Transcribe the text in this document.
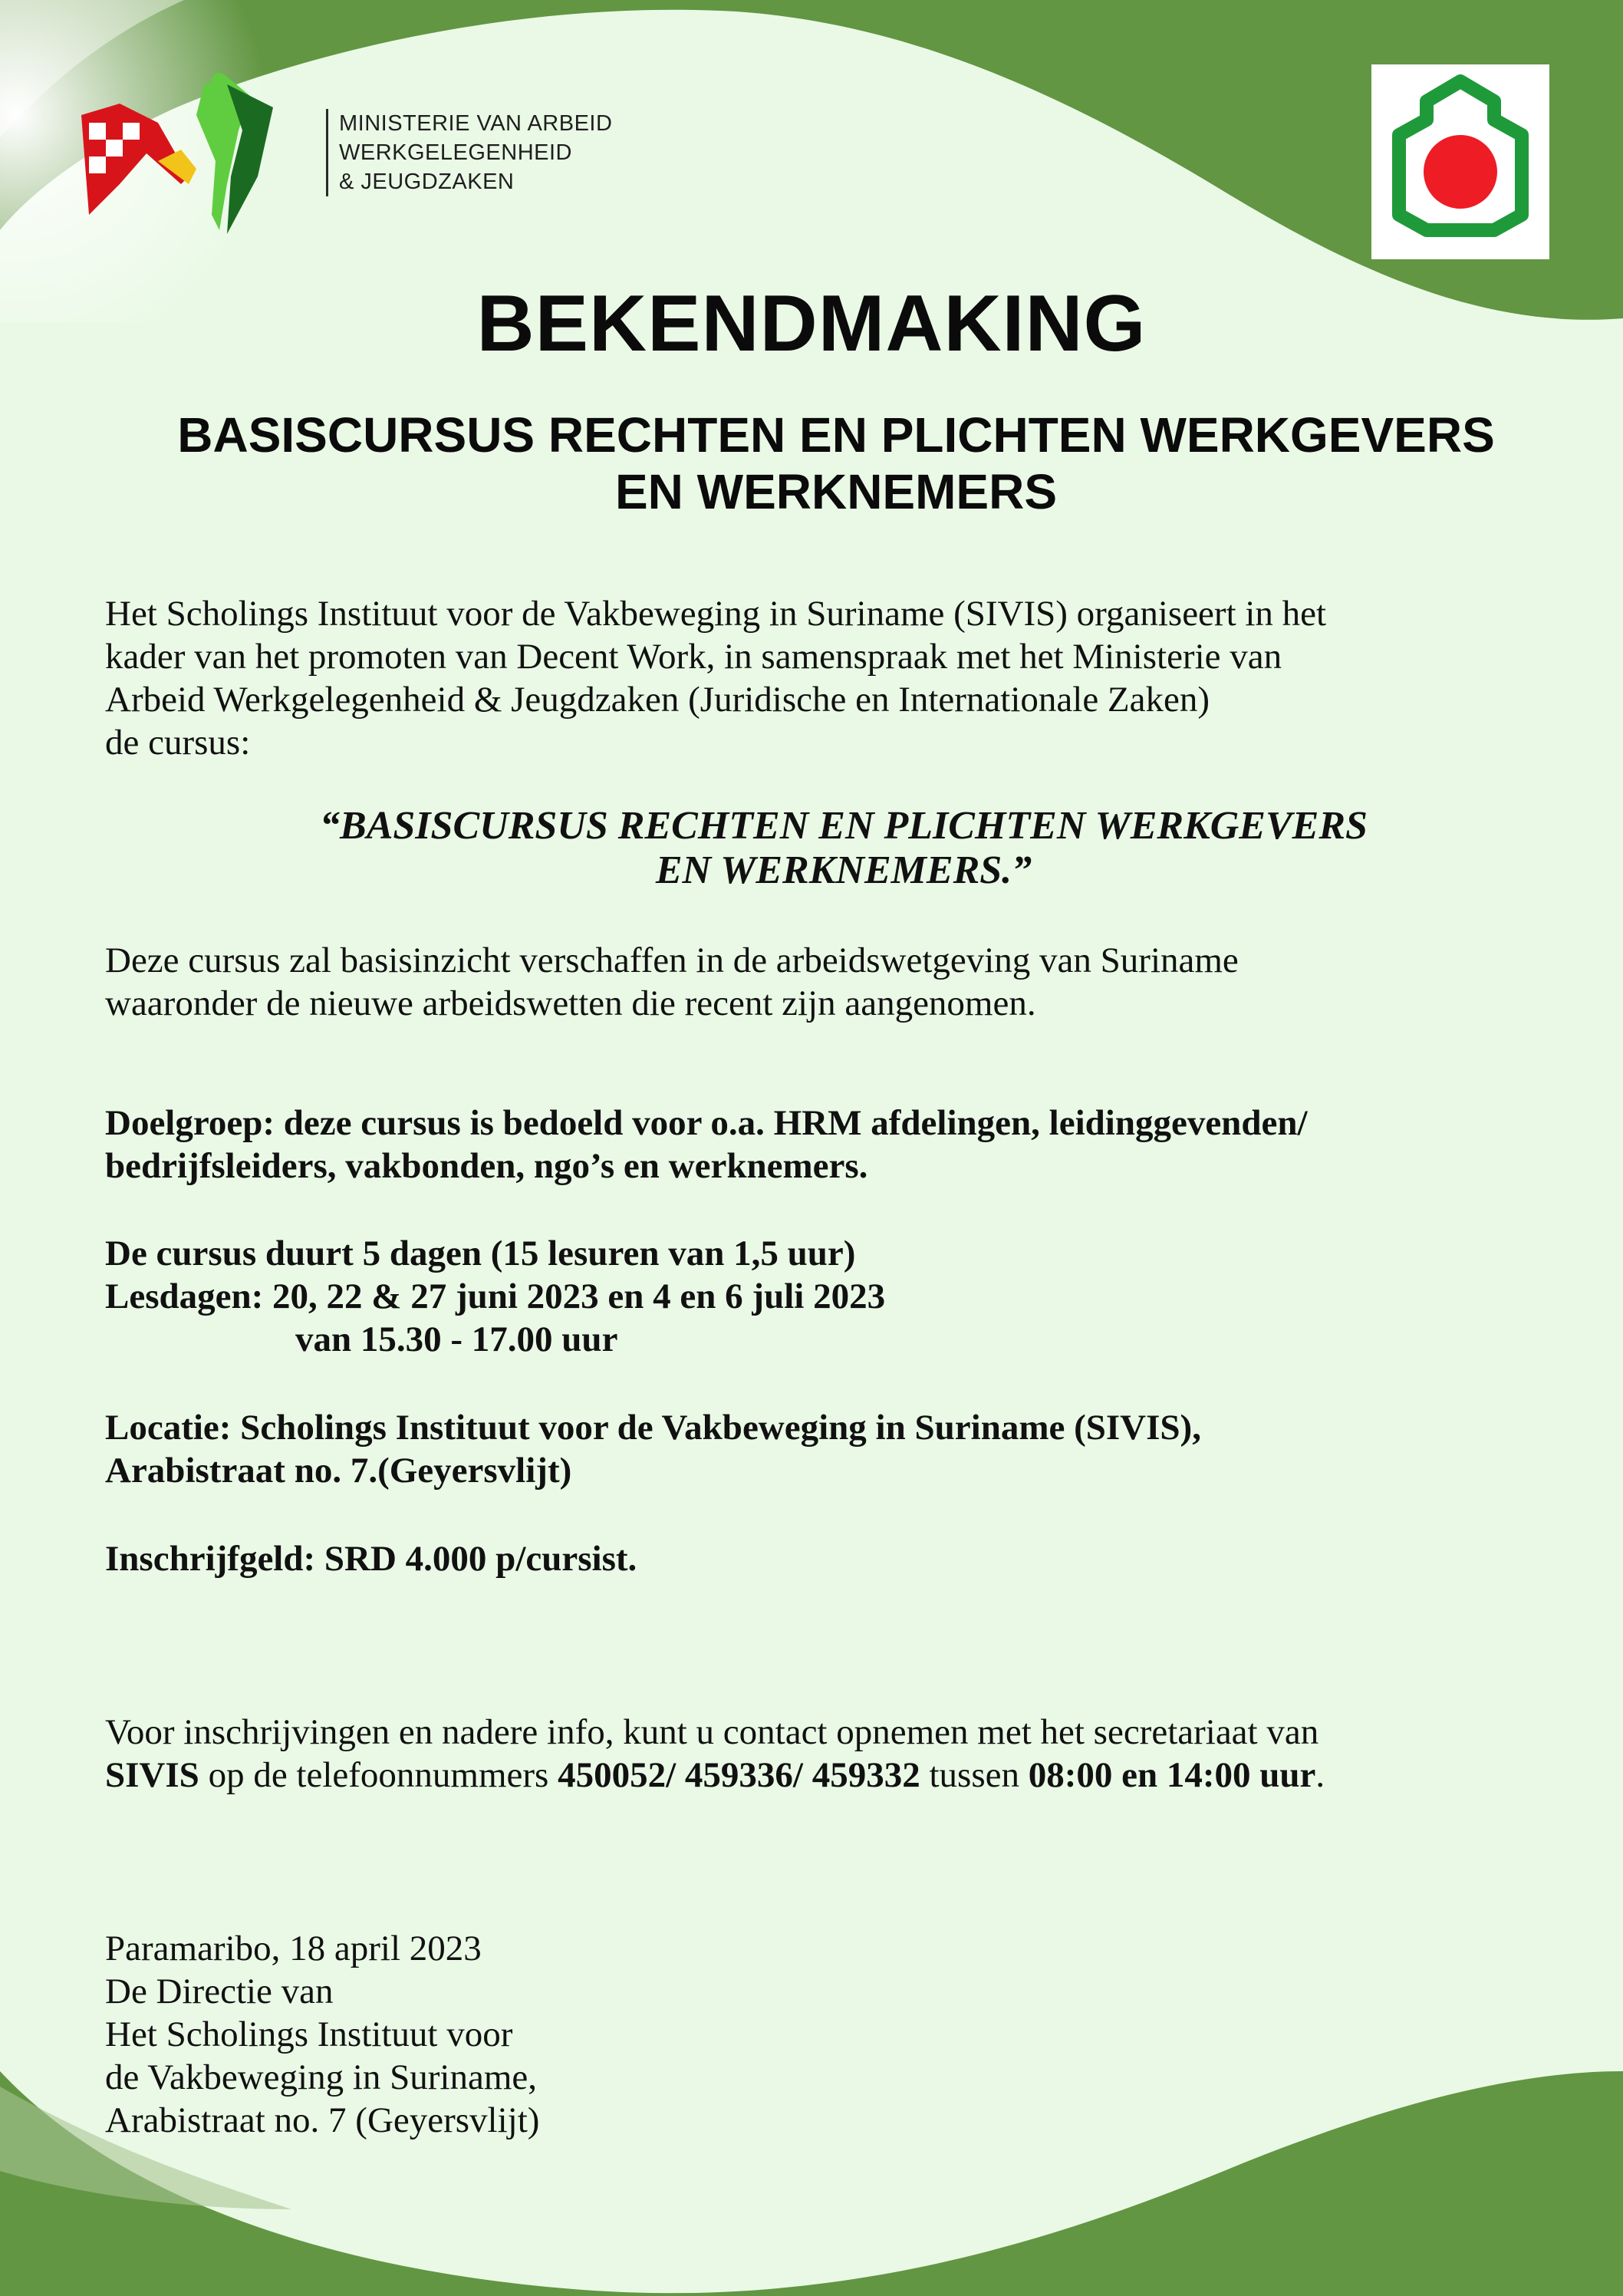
MINISTERIE VAN ARBEID
WERKGELEGENHEID
& JEUGDZAKEN
BEKENDMAKING
BASISCURSUS RECHTEN EN PLICHTEN WERKGEVERS
EN WERKNEMERS
Het Scholings Instituut voor de Vakbeweging in Suriname (SIVIS) organiseert in het
kader van het promoten van Decent Work, in samenspraak met het Ministerie van
Arbeid Werkgelegenheid & Jeugdzaken (Juridische en Internationale Zaken)
de cursus:
“BASISCURSUS RECHTEN EN PLICHTEN WERKGEVERS
EN WERKNEMERS.”
Deze cursus zal basisinzicht verschaffen in de arbeidswetgeving van Suriname
waaronder de nieuwe arbeidswetten die recent zijn aangenomen.
Doelgroep: deze cursus is bedoeld voor o.a. HRM afdelingen, leidinggevenden/
bedrijfsleiders, vakbonden, ngo’s en werknemers.
De cursus duurt 5 dagen (15 lesuren van 1,5 uur)
Lesdagen: 20, 22 & 27 juni 2023 en 4 en 6 juli 2023
van 15.30 - 17.00 uur
Locatie: Scholings Instituut voor de Vakbeweging in Suriname (SIVIS),
Arabistraat no. 7.(Geyersvlijt)
Inschrijfgeld: SRD 4.000 p/cursist.
Voor inschrijvingen en nadere info, kunt u contact opnemen met het secretariaat van
SIVIS op de telefoonnummers 450052/ 459336/ 459332 tussen 08:00 en 14:00 uur.
Paramaribo, 18 april 2023
De Directie van
Het Scholings Instituut voor
de Vakbeweging in Suriname,
Arabistraat no. 7 (Geyersvlijt)
